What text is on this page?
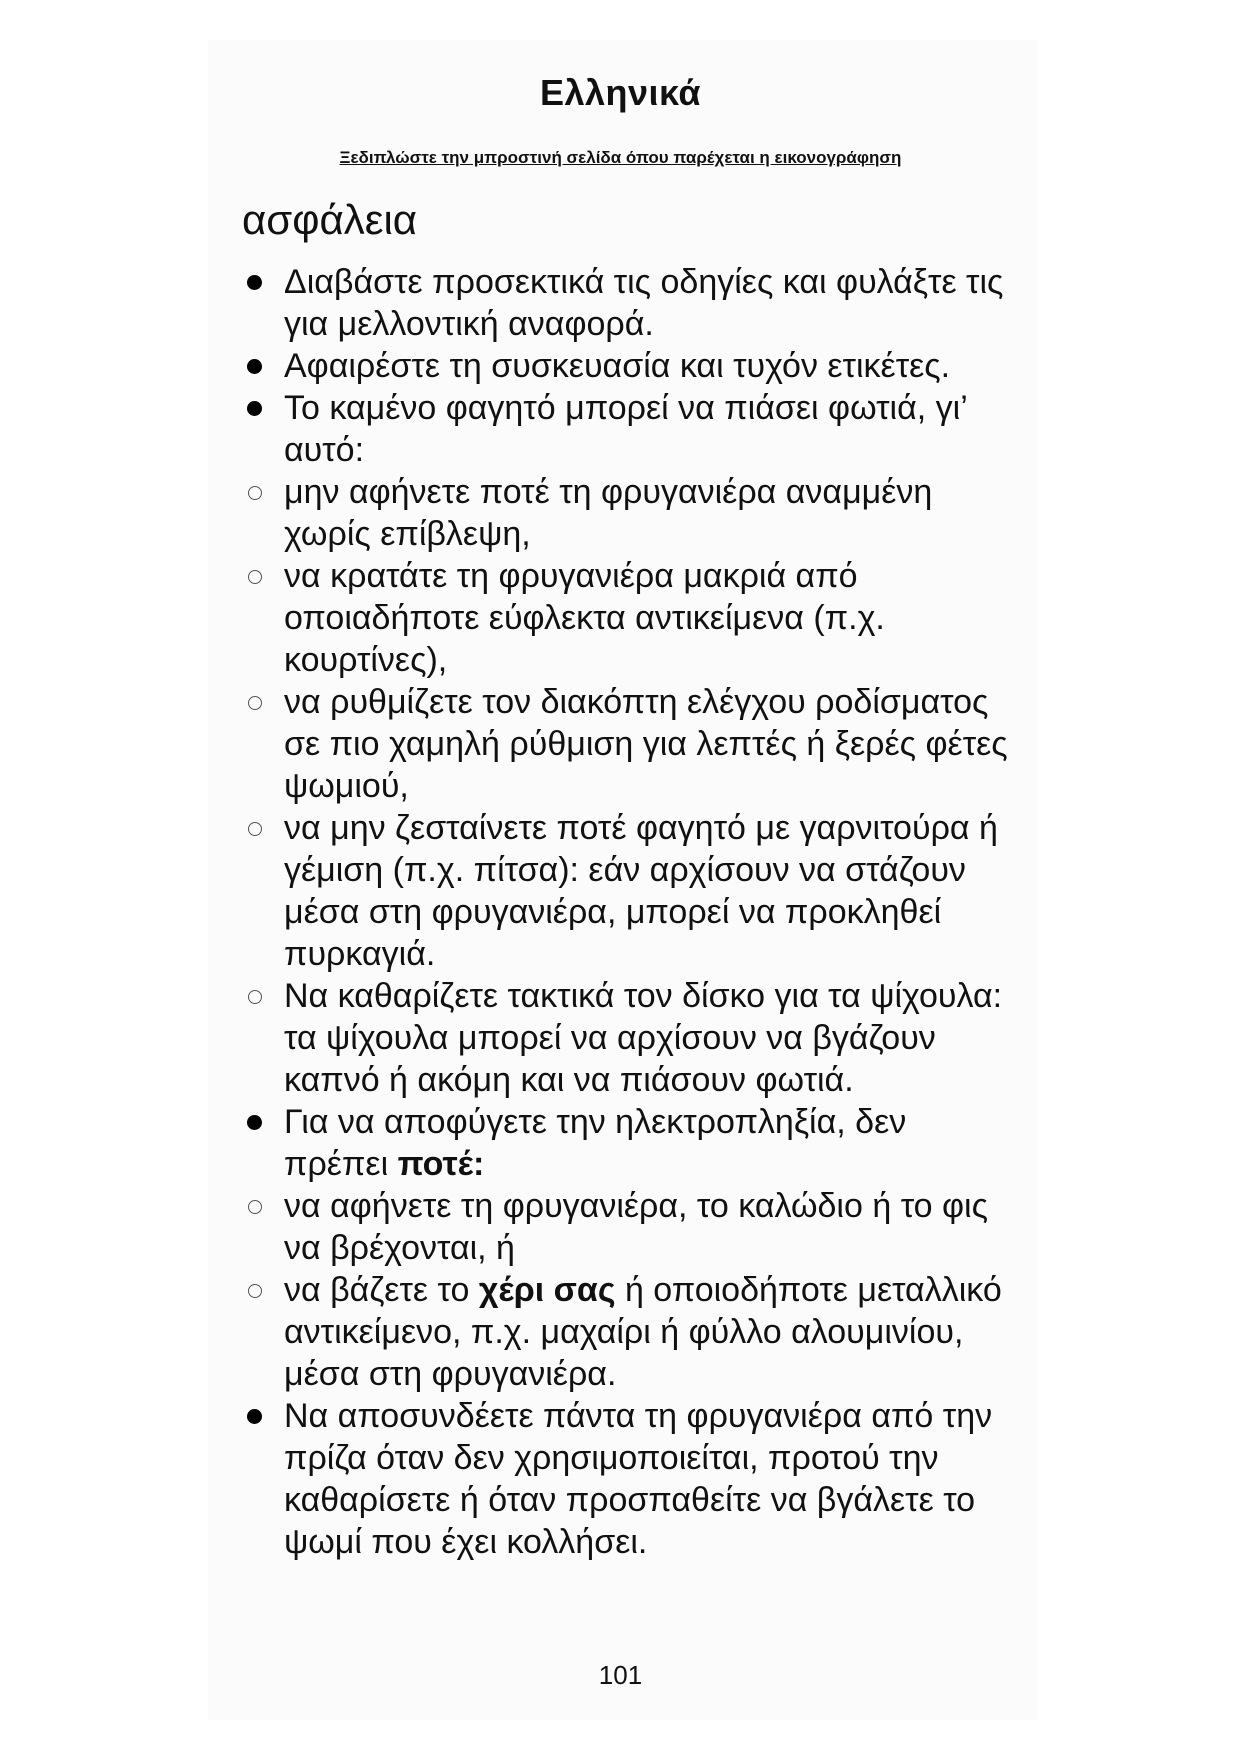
Ελληνικά
Ξεδιπλώστε την μπροστινή σελίδα όπου παρέχεται η εικονογράφηση
ασφάλεια
Διαβάστε προσεκτικά τις οδηγίες και φυλάξτε τις για μελλοντική αναφορά.
Αφαιρέστε τη συσκευασία και τυχόν ετικέτες.
Το καμένο φαγητό μπορεί να πιάσει φωτιά, γι’ αυτό:
μην αφήνετε ποτέ τη φρυγανιέρα αναμμένη χωρίς επίβλεψη,
να κρατάτε τη φρυγανιέρα μακριά από οποιαδήποτε εύφλεκτα αντικείμενα (π.χ. κουρτίνες),
να ρυθμίζετε τον διακόπτη ελέγχου ροδίσματος σε πιο χαμηλή ρύθμιση για λεπτές ή ξερές φέτες ψωμιού,
να μην ζεσταίνετε ποτέ φαγητό με γαρνιτούρα ή γέμιση (π.χ. πίτσα): εάν αρχίσουν να στάζουν μέσα στη φρυγανιέρα, μπορεί να προκληθεί πυρκαγιά.
Να καθαρίζετε τακτικά τον δίσκο για τα ψίχουλα: τα ψίχουλα μπορεί να αρχίσουν να βγάζουν καπνό ή ακόμη και να πιάσουν φωτιά.
Για να αποφύγετε την ηλεκτροπληξία, δεν πρέπει ποτέ:
να αφήνετε τη φρυγανιέρα, το καλώδιο ή το φις να βρέχονται, ή
να βάζετε το χέρι σας ή οποιοδήποτε μεταλλικό αντικείμενο, π.χ. μαχαίρι ή φύλλο αλουμινίου, μέσα στη φρυγανιέρα.
Να αποσυνδέετε πάντα τη φρυγανιέρα από την πρίζα όταν δεν χρησιμοποιείται, προτού την καθαρίσετε ή όταν προσπαθείτε να βγάλετε το ψωμί που έχει κολλήσει.
101
